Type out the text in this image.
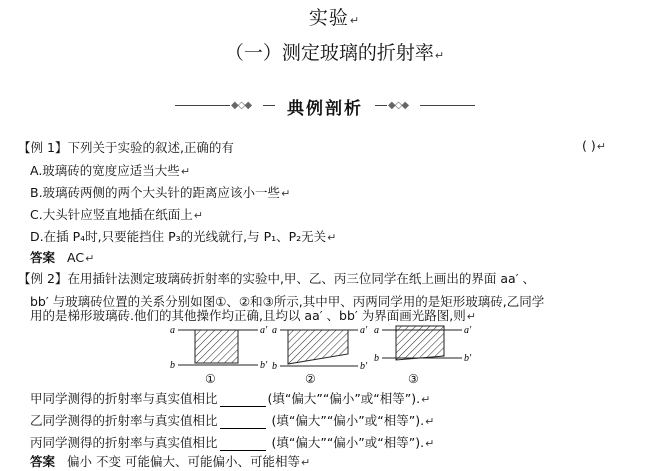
实验↵
（一）测定玻璃的折射率↵
◆◇◆	典例剖析	◆◇◆
【例 1】下列关于实验的叙述,正确的有	( )↵
A.玻璃砖的宽度应适当大些↵
B.玻璃砖两侧的两个大头针的距离应该小一些↵
C.大头针应竖直地插在纸面上↵
D.在插 P₄时,只要能挡住 P₃的光线就行,与 P₁、P₂无关↵
答案 AC↵
【例 2】在用插针法测定玻璃砖折射率的实验中,甲、乙、丙三位同学在纸上画出的界面 aa′ 、
bb′ 与玻璃砖位置的关系分别如图①、②和③所示,其中甲、丙两同学用的是矩形玻璃砖,乙同学
用的是梯形玻璃砖.他们的其他操作均正确,且均以 aa′ 、bb′ 为界面画光路图,则↵
a	a′
b	b′
①
a	a′
b	b′
②
a	a′
b	b′
③
甲同学测得的折射率与真实值相比	(填“偏大”“偏小”或“相等”).↵
乙同学测得的折射率与真实值相比	(填“偏大”“偏小”或“相等”).↵
丙同学测得的折射率与真实值相比	(填“偏大”“偏小”或“相等”).↵
答案 偏小 不变 可能偏大、可能偏小、可能相等↵
